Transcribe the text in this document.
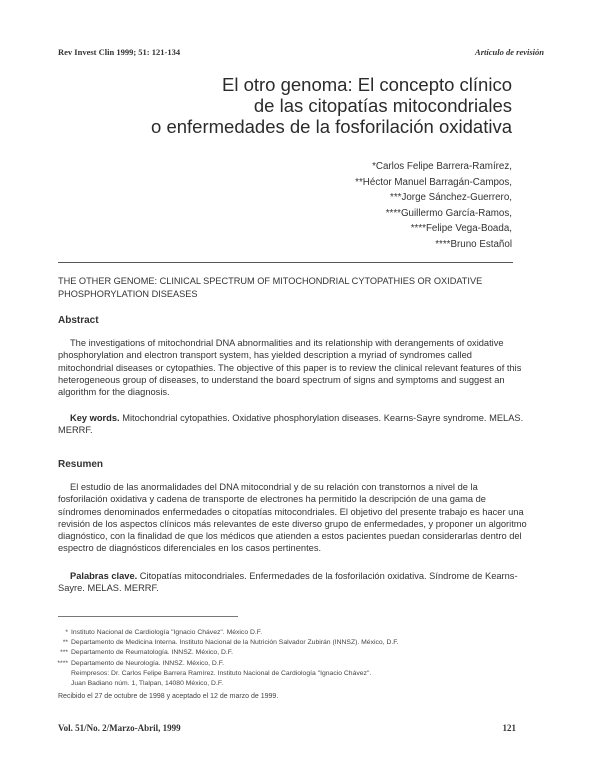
Rev Invest Clin 1999; 51: 121-134	Artículo de revisión
El otro genoma: El concepto clínico
de las citopatías mitocondriales
o enfermedades de la fosforilación oxidativa
*Carlos Felipe Barrera-Ramírez,
**Héctor Manuel Barragán-Campos,
***Jorge Sánchez-Guerrero,
****Guillermo García-Ramos,
****Felipe Vega-Boada,
****Bruno Estañol
THE OTHER GENOME: CLINICAL SPECTRUM OF MITOCHONDRIAL CYTOPATHIES OR OXIDATIVE PHOSPHORYLATION DISEASES
Abstract
The investigations of mitochondrial DNA abnormalities and its relationship with derangements of oxidative phosphorylation and electron transport system, has yielded description a myriad of syndromes called mitochondrial diseases or cytopathies. The objective of this paper is to review the clinical relevant features of this heterogeneous group of diseases, to understand the board spectrum of signs and symptoms and suggest an algorithm for the diagnosis.
Key words. Mitochondrial cytopathies. Oxidative phosphorylation diseases. Kearns-Sayre syndrome. MELAS. MERRF.
Resumen
El estudio de las anormalidades del DNA mitocondrial y de su relación con transtornos a nivel de la fosforilación oxidativa y cadena de transporte de electrones ha permitido la descripción de una gama de síndromes denominados enfermedades o citopatías mitocondriales. El objetivo del presente trabajo es hacer una revisión de los aspectos clínicos más relevantes de este diverso grupo de enfermedades, y proponer un algoritmo diagnóstico, con la finalidad de que los médicos que atienden a estos pacientes puedan considerarlas dentro del espectro de diagnósticos diferenciales en los casos pertinentes.
Palabras clave. Citopatías mitocondriales. Enfermedades de la fosforilación oxidativa. Síndrome de Kearns-Sayre. MELAS. MERRF.
* Instituto Nacional de Cardiología "Ignacio Chávez". México D.F.
** Departamento de Medicina Interna. Instituto Nacional de la Nutrición Salvador Zubirán (INNSZ). México, D.F.
*** Departamento de Reumatología. INNSZ. México, D.F.
**** Departamento de Neurología. INNSZ. México, D.F.
Reimpresos: Dr. Carlos Felipe Barrera Ramírez. Instituto Nacional de Cardiología "Ignacio Chávez".
Juan Badiano núm. 1, Tlalpan, 14080 México, D.F.
Recibido el 27 de octubre de 1998 y aceptado el 12 de marzo de 1999.
Vol. 51/No. 2/Marzo-Abril, 1999	121
